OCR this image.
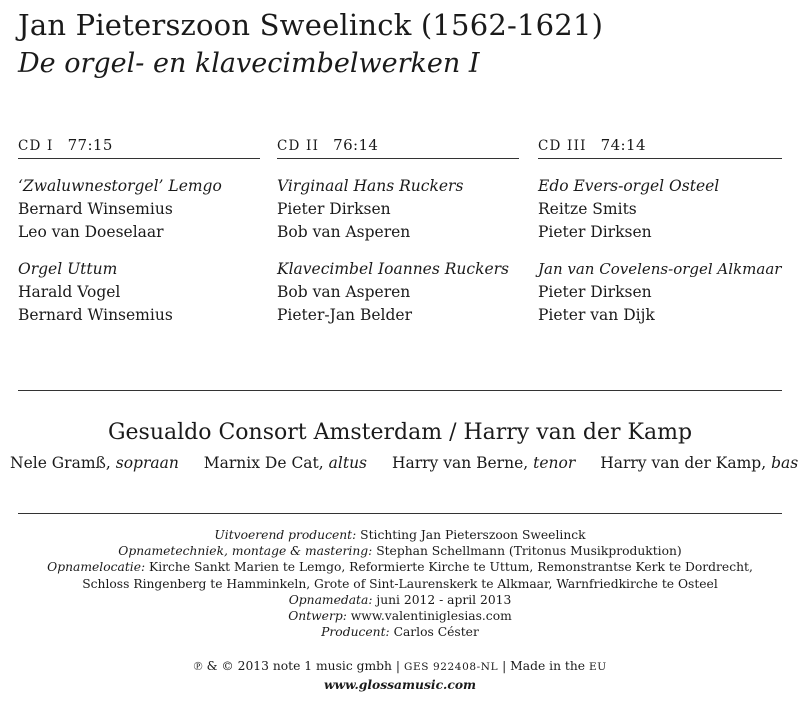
Jan Pieterszoon Sweelinck (1562-1621)
De orgel- en klavecimbelwerken I
CD I 77:15
‘Zwaluwnestorgel’ Lemgo
Bernard Winsemius
Leo van Doeselaar
Orgel Uttum
Harald Vogel
Bernard Winsemius
CD II 76:14
Virginaal Hans Ruckers
Pieter Dirksen
Bob van Asperen
Klavecimbel Ioannes Ruckers
Bob van Asperen
Pieter-Jan Belder
CD III 74:14
Edo Evers-orgel Osteel
Reitze Smits
Pieter Dirksen
Jan van Covelens-orgel Alkmaar
Pieter Dirksen
Pieter van Dijk
Gesualdo Consort Amsterdam / Harry van der Kamp
Nele Gramß, sopraan Marnix De Cat, altus Harry van Berne, tenor Harry van der Kamp, bas
Uitvoerend producent: Stichting Jan Pieterszoon Sweelinck
Opnametechniek, montage & mastering: Stephan Schellmann (Tritonus Musikproduktion)
Opnamelocatie: Kirche Sankt Marien te Lemgo, Reformierte Kirche te Uttum, Remonstrantse Kerk te Dordrecht,
Schloss Ringenberg te Hamminkeln, Grote of Sint-Laurenskerk te Alkmaar, Warnfriedkirche te Osteel
Opnamedata: juni 2012 - april 2013
Ontwerp: www.valentiniglesias.com
Producent: Carlos Céster
℗ & © 2013 note 1 music gmbh | GES 922408-NL | Made in the EU
www.glossamusic.com
